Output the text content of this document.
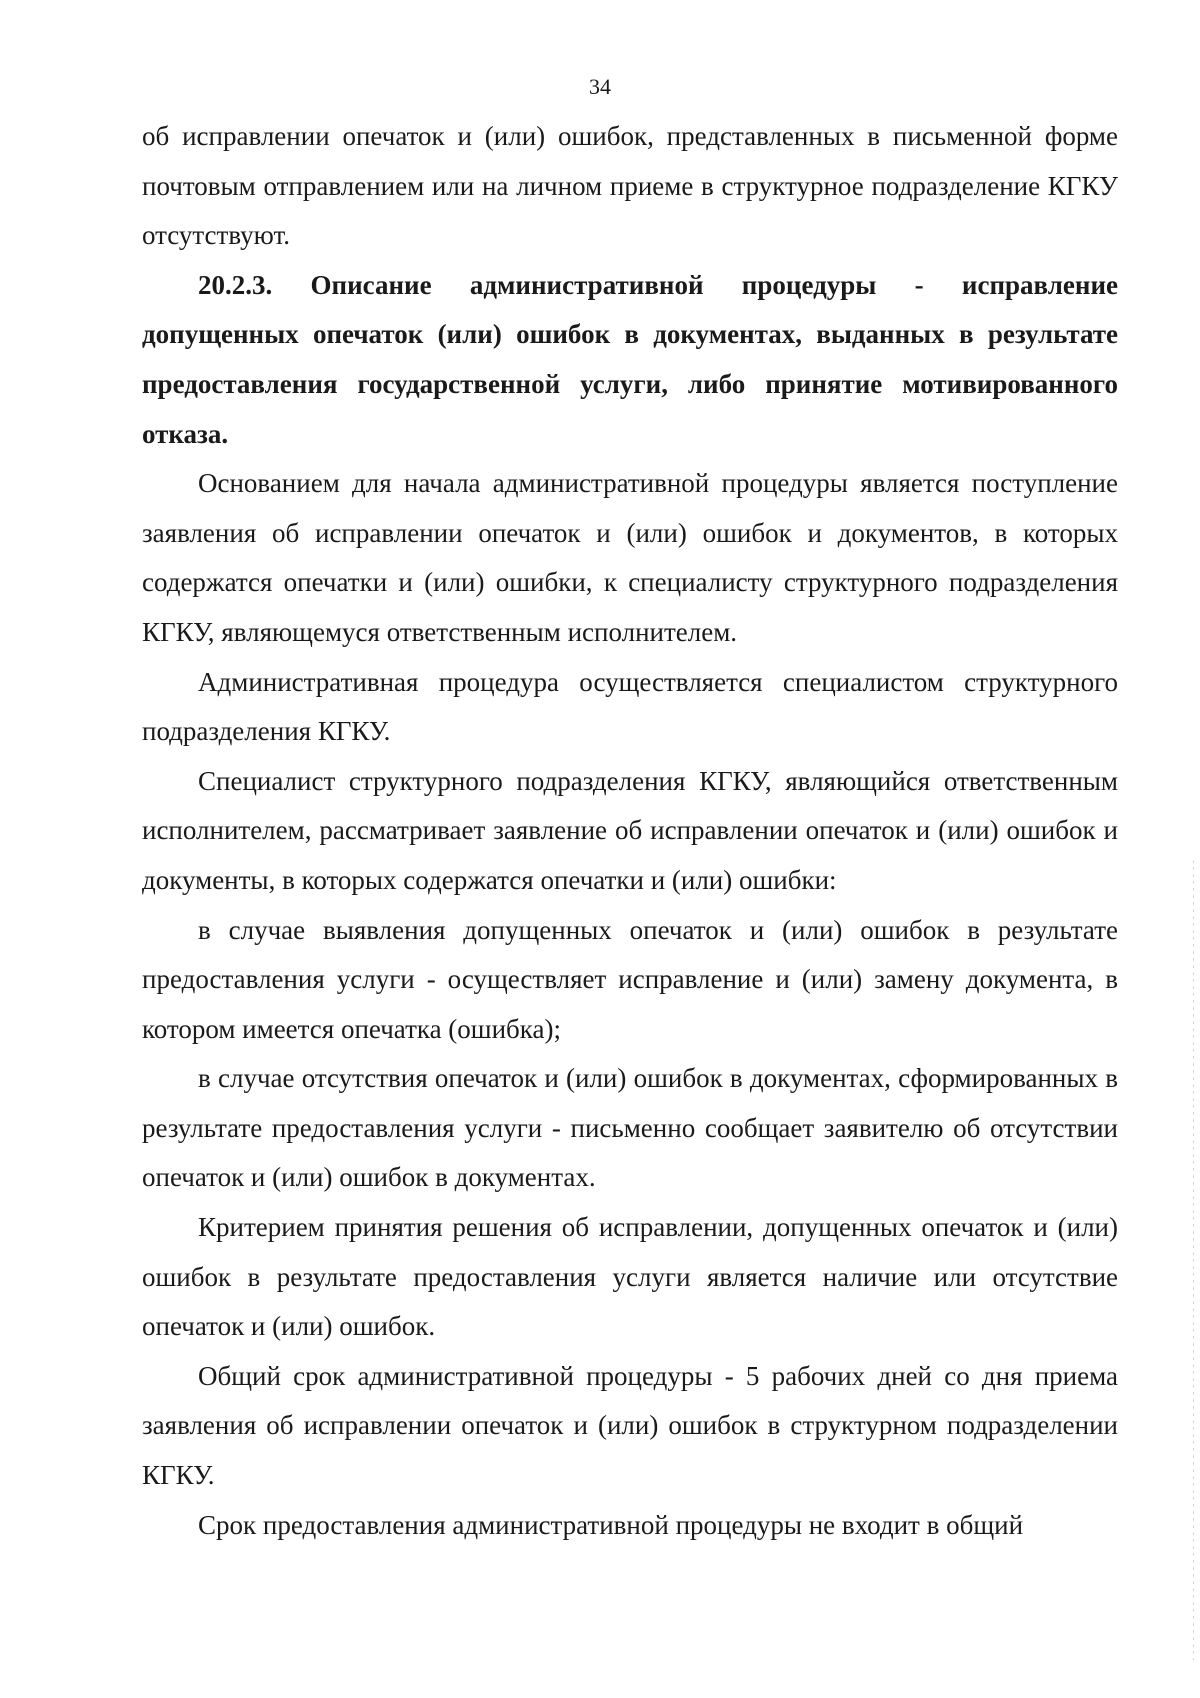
34

об исправлении опечаток и (или) ошибок, представленных в письменной форме почтовым отправлением или на личном приеме в структурное подразделение КГКУ отсутствуют.

20.2.3. Описание административной процедуры - исправление допущенных опечаток (или) ошибок в документах, выданных в результате предоставления государственной услуги, либо принятие мотивированного отказа.

Основанием для начала административной процедуры является поступление заявления об исправлении опечаток и (или) ошибок и документов, в которых содержатся опечатки и (или) ошибки, к специалисту структурного подразделения КГКУ, являющемуся ответственным исполнителем.

Административная процедура осуществляется специалистом структурного подразделения КГКУ.

Специалист структурного подразделения КГКУ, являющийся ответственным исполнителем, рассматривает заявление об исправлении опечаток и (или) ошибок и документы, в которых содержатся опечатки и (или) ошибки:

в случае выявления допущенных опечаток и (или) ошибок в результате предоставления услуги - осуществляет исправление и (или) замену документа, в котором имеется опечатка (ошибка);

в случае отсутствия опечаток и (или) ошибок в документах, сформированных в результате предоставления услуги - письменно сообщает заявителю об отсутствии опечаток и (или) ошибок в документах.

Критерием принятия решения об исправлении, допущенных опечаток и (или) ошибок в результате предоставления услуги является наличие или отсутствие опечаток и (или) ошибок.

Общий срок административной процедуры - 5 рабочих дней со дня приема заявления об исправлении опечаток и (или) ошибок в структурном подразделении КГКУ.

Срок предоставления административной процедуры не входит в общий
